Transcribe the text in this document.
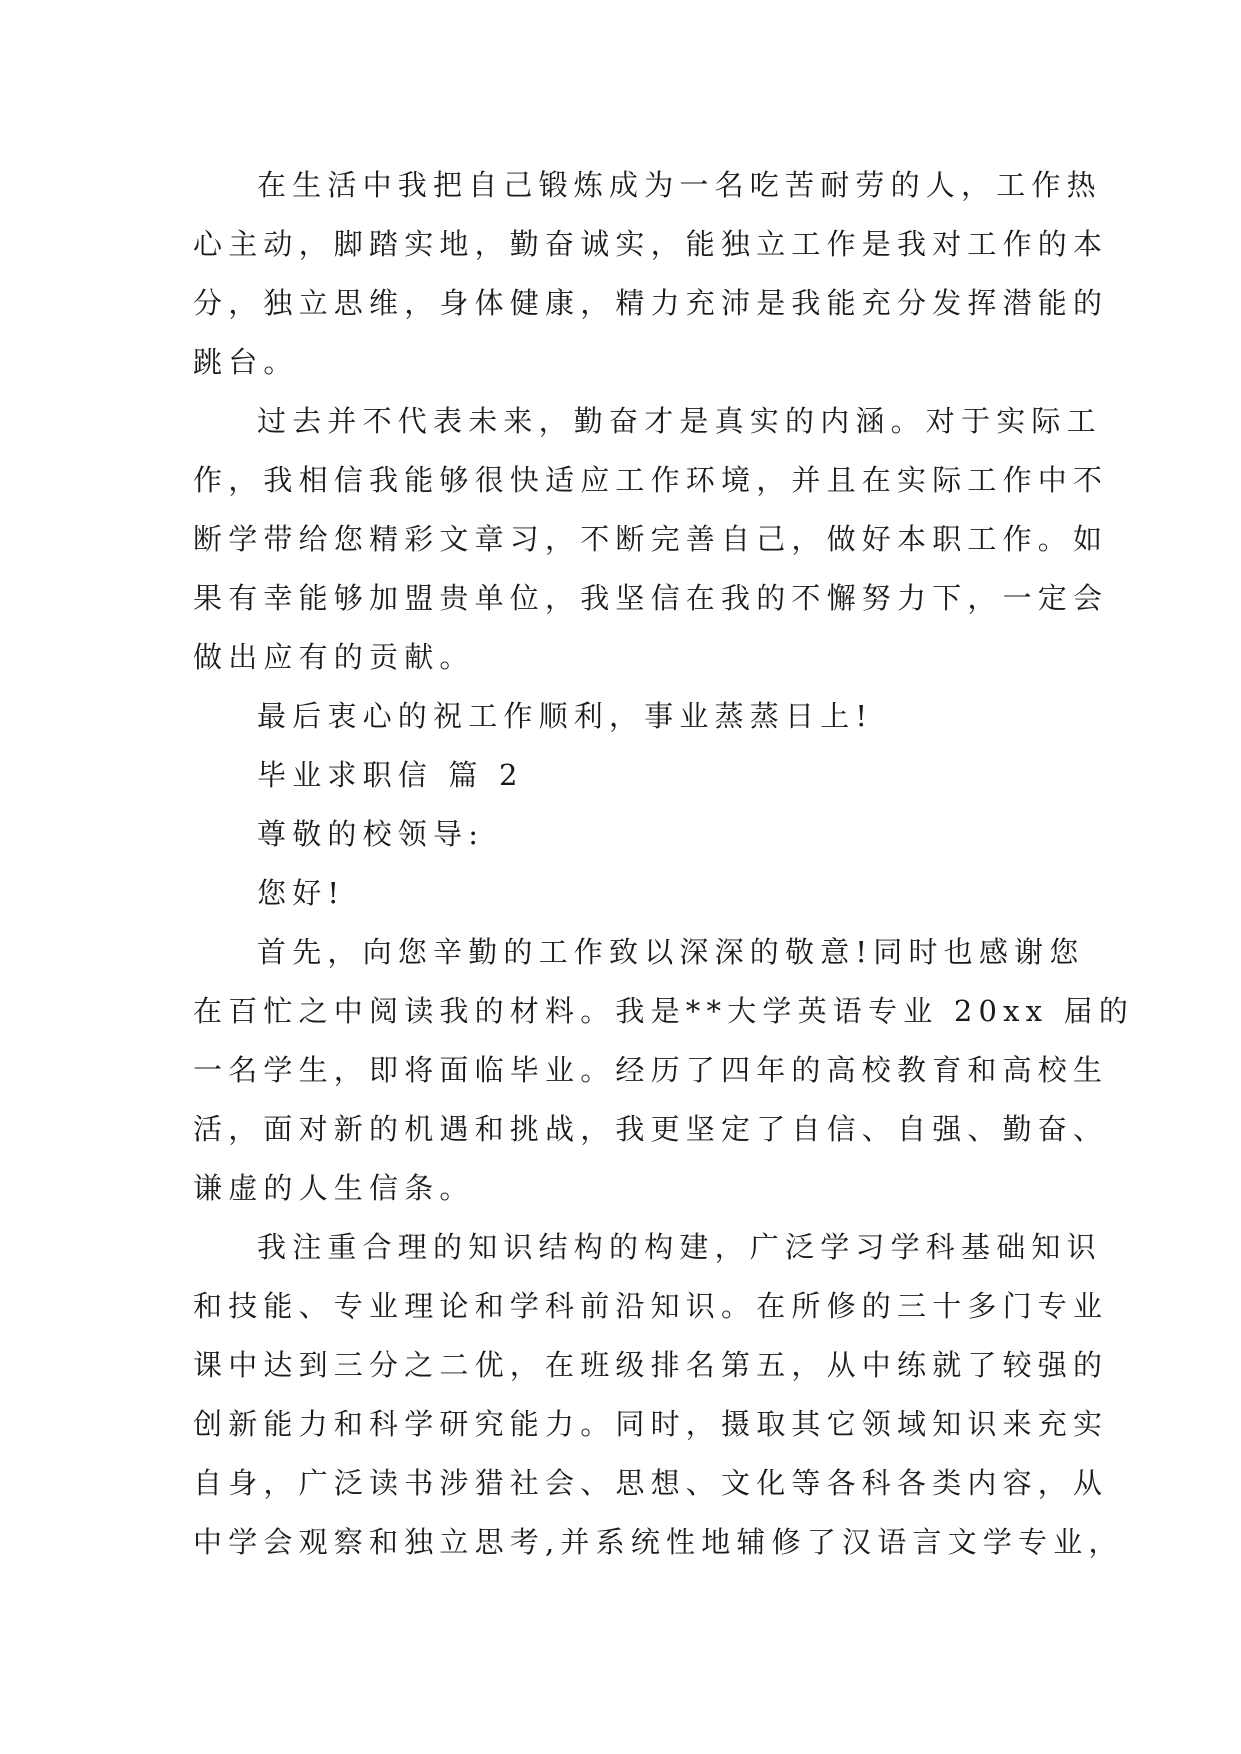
在生活中我把自己锻炼成为一名吃苦耐劳的人，工作热
心主动，脚踏实地，勤奋诚实，能独立工作是我对工作的本
分，独立思维，身体健康，精力充沛是我能充分发挥潜能的
跳台。
过去并不代表未来，勤奋才是真实的内涵。对于实际工
作，我相信我能够很快适应工作环境，并且在实际工作中不
断学带给您精彩文章习，不断完善自己，做好本职工作。如
果有幸能够加盟贵单位，我坚信在我的不懈努力下，一定会
做出应有的贡献。
最后衷心的祝工作顺利，事业蒸蒸日上!
毕业求职信 篇 2
尊敬的校领导:
您好!
首先，向您辛勤的工作致以深深的敬意!同时也感谢您
在百忙之中阅读我的材料。我是**大学英语专业 20xx 届的
一名学生，即将面临毕业。经历了四年的高校教育和高校生
活，面对新的机遇和挑战，我更坚定了自信、自强、勤奋、
谦虚的人生信条。
我注重合理的知识结构的构建，广泛学习学科基础知识
和技能、专业理论和学科前沿知识。在所修的三十多门专业
课中达到三分之二优，在班级排名第五，从中练就了较强的
创新能力和科学研究能力。同时，摄取其它领域知识来充实
自身，广泛读书涉猎社会、思想、文化等各科各类内容，从
中学会观察和独立思考,并系统性地辅修了汉语言文学专业，
